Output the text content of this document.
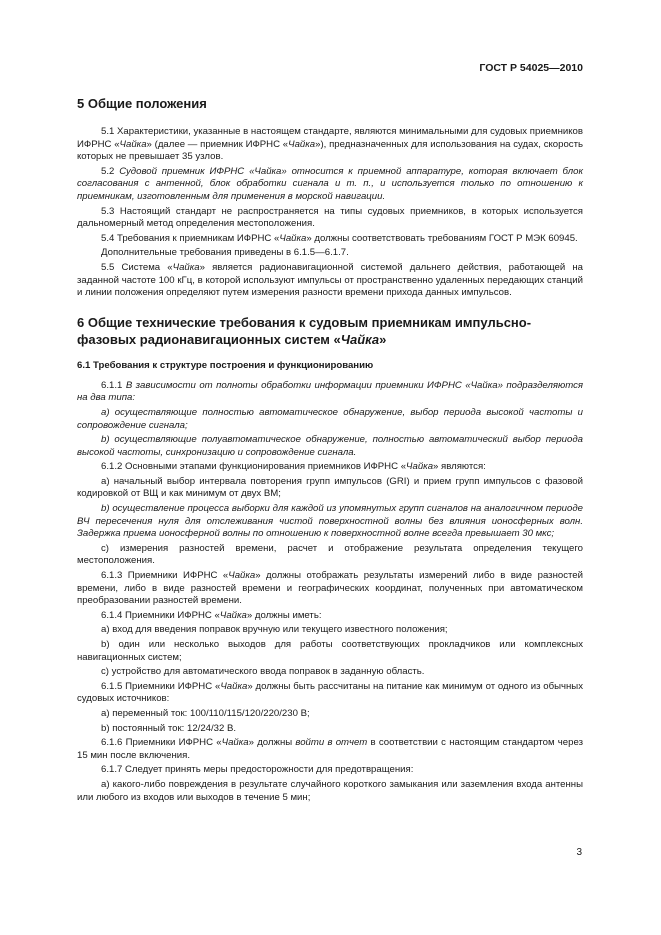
ГОСТ Р 54025—2010
5 Общие положения

5.1 Характеристики, указанные в настоящем стандарте, являются минимальными для судовых приемников ИФРНС «Чайка» (далее — приемник ИФРНС «Чайка»), предназначенных для использования на судах, скорость которых не превышает 35 узлов.

5.2 Судовой приемник ИФРНС «Чайка» относится к приемной аппаратуре, которая включает блок согласования с антенной, блок обработки сигнала и т. п., и используется только по отношению к приемникам, изготовленным для применения в морской навигации.

5.3 Настоящий стандарт не распространяется на типы судовых приемников, в которых используется дальномерный метод определения местоположения.

5.4 Требования к приемникам ИФРНС «Чайка» должны соответствовать требованиям ГОСТ Р МЭК 60945.

Дополнительные требования приведены в 6.1.5—6.1.7.

5.5 Система «Чайка» является радионавигационной системой дальнего действия, работающей на заданной частоте 100 кГц, в которой используют импульсы от пространственно удаленных передающих станций и линии положения определяют путем измерения разности времени прихода данных импульсов.

6 Общие технические требования к судовым приемникам импульсно-
фазовых радионавигационных систем «Чайка»
6.1 Требования к структуре построения и функционированию

6.1.1 В зависимости от полноты обработки информации приемники ИФРНС «Чайка» подразделяются на два типа:

a) осуществляющие полностью автоматическое обнаружение, выбор периода высокой частоты и сопровождение сигнала;

b) осуществляющие полуавтоматическое обнаружение, полностью автоматический выбор периода высокой частоты, синхронизацию и сопровождение сигнала.

6.1.2 Основными этапами функционирования приемников ИФРНС «Чайка» являются:

a) начальный выбор интервала повторения групп импульсов (GRI) и прием групп импульсов с фазовой кодировкой от ВЩ и как минимум от двух ВМ;

b) осуществление процесса выборки для каждой из упомянутых групп сигналов на аналогичном периоде ВЧ пересечения нуля для отслеживания чистой поверхностной волны без влияния ионосферных волн. Задержка приема ионосферной волны по отношению к поверхностной волне всегда превышает 30 мкс;

c) измерения разностей времени, расчет и отображение результата определения текущего местоположения.

6.1.3 Приемники ИФРНС «Чайка» должны отображать результаты измерений либо в виде разностей времени, либо в виде разностей времени и географических координат, полученных при автоматическом преобразовании разностей времени.

6.1.4 Приемники ИФРНС «Чайка» должны иметь:

a) вход для введения поправок вручную или текущего известного положения;

b) один или несколько выходов для работы соответствующих прокладчиков или комплексных навигационных систем;

c) устройство для автоматического ввода поправок в заданную область.

6.1.5 Приемники ИФРНС «Чайка» должны быть рассчитаны на питание как минимум от одного из обычных судовых источников:

a) переменный ток: 100/110/115/120/220/230 В;

b) постоянный ток: 12/24/32 В.

6.1.6 Приемники ИФРНС «Чайка» должны войти в отчет в соответствии с настоящим стандартом через 15 мин после включения.

6.1.7 Следует принять меры предосторожности для предотвращения:

a) какого-либо повреждения в результате случайного короткого замыкания или заземления входа антенны или любого из входов или выходов в течение 5 мин;

3
